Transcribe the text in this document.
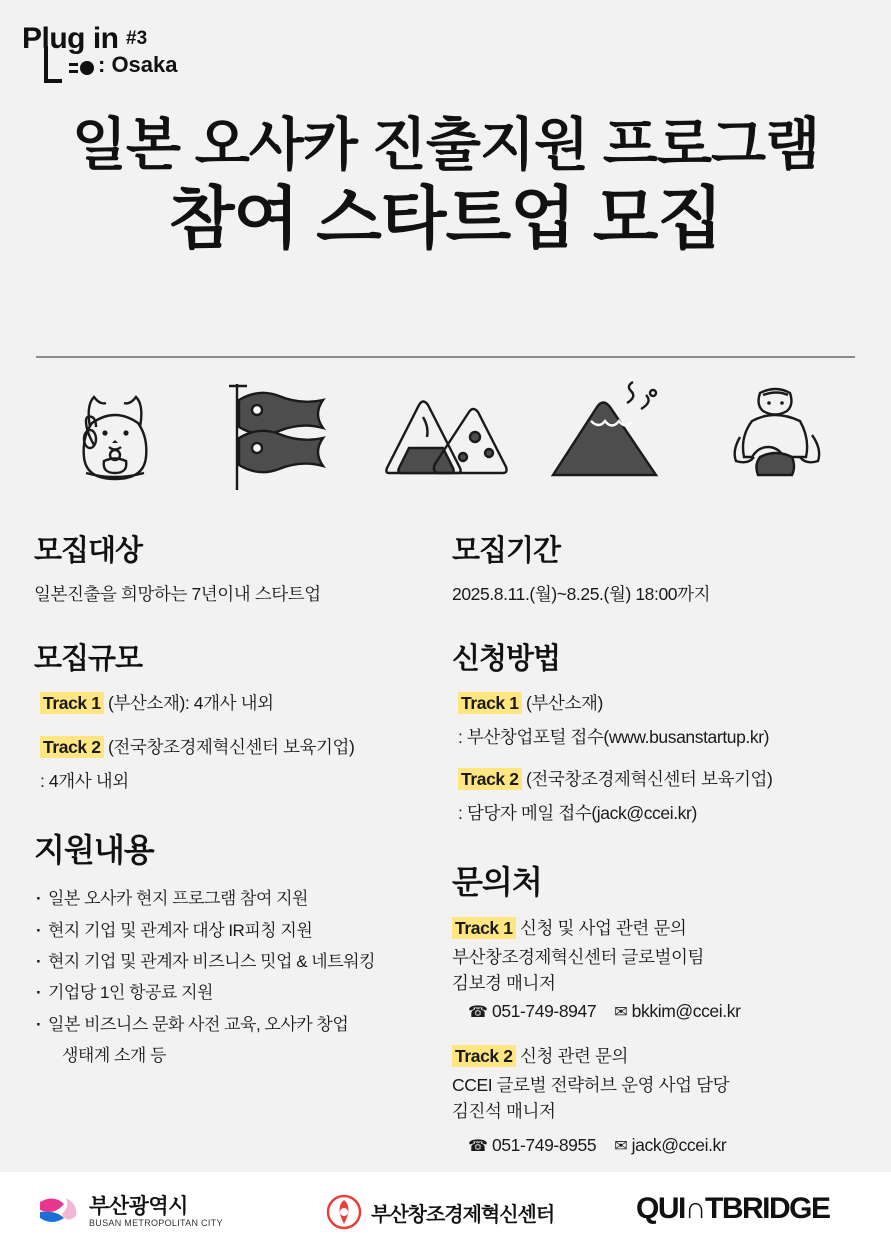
Plug in #3
: Osaka
일본 오사카 진출지원 프로그램
참여 스타트업 모집
모집대상
일본진출을 희망하는 7년이내 스타트업
모집규모
Track 1 (부산소재): 4개사 내외
Track 2 (전국창조경제혁신센터 보육기업)
: 4개사 내외
지원내용
· 일본 오사카 현지 프로그램 참여 지원
· 현지 기업 및 관계자 대상 IR피칭 지원
· 현지 기업 및 관계자 비즈니스 밋업 & 네트워킹
· 기업당 1인 항공료 지원
· 일본 비즈니스 문화 사전 교육, 오사카 창업
생태계 소개 등
모집기간
2025.8.11.(월)~8.25.(월) 18:00까지
신청방법
Track 1 (부산소재)
: 부산창업포털 접수(www.busanstartup.kr)
Track 2 (전국창조경제혁신센터 보육기업)
: 담당자 메일 접수(jack@ccei.kr)
문의처
Track 1 신청 및 사업 관련 문의
부산창조경제혁신센터 글로벌이팀
김보경 매니저
☎ 051-749-8947 ✉ bkkim@ccei.kr
Track 2 신청 관련 문의
CCEI 글로벌 전략허브 운영 사업 담당
김진석 매니저
☎ 051-749-8955 ✉ jack@ccei.kr
부산광역시
BUSAN METROPOLITAN CITY	부산창조경제혁신센터	QUI∩TBRIDGE
